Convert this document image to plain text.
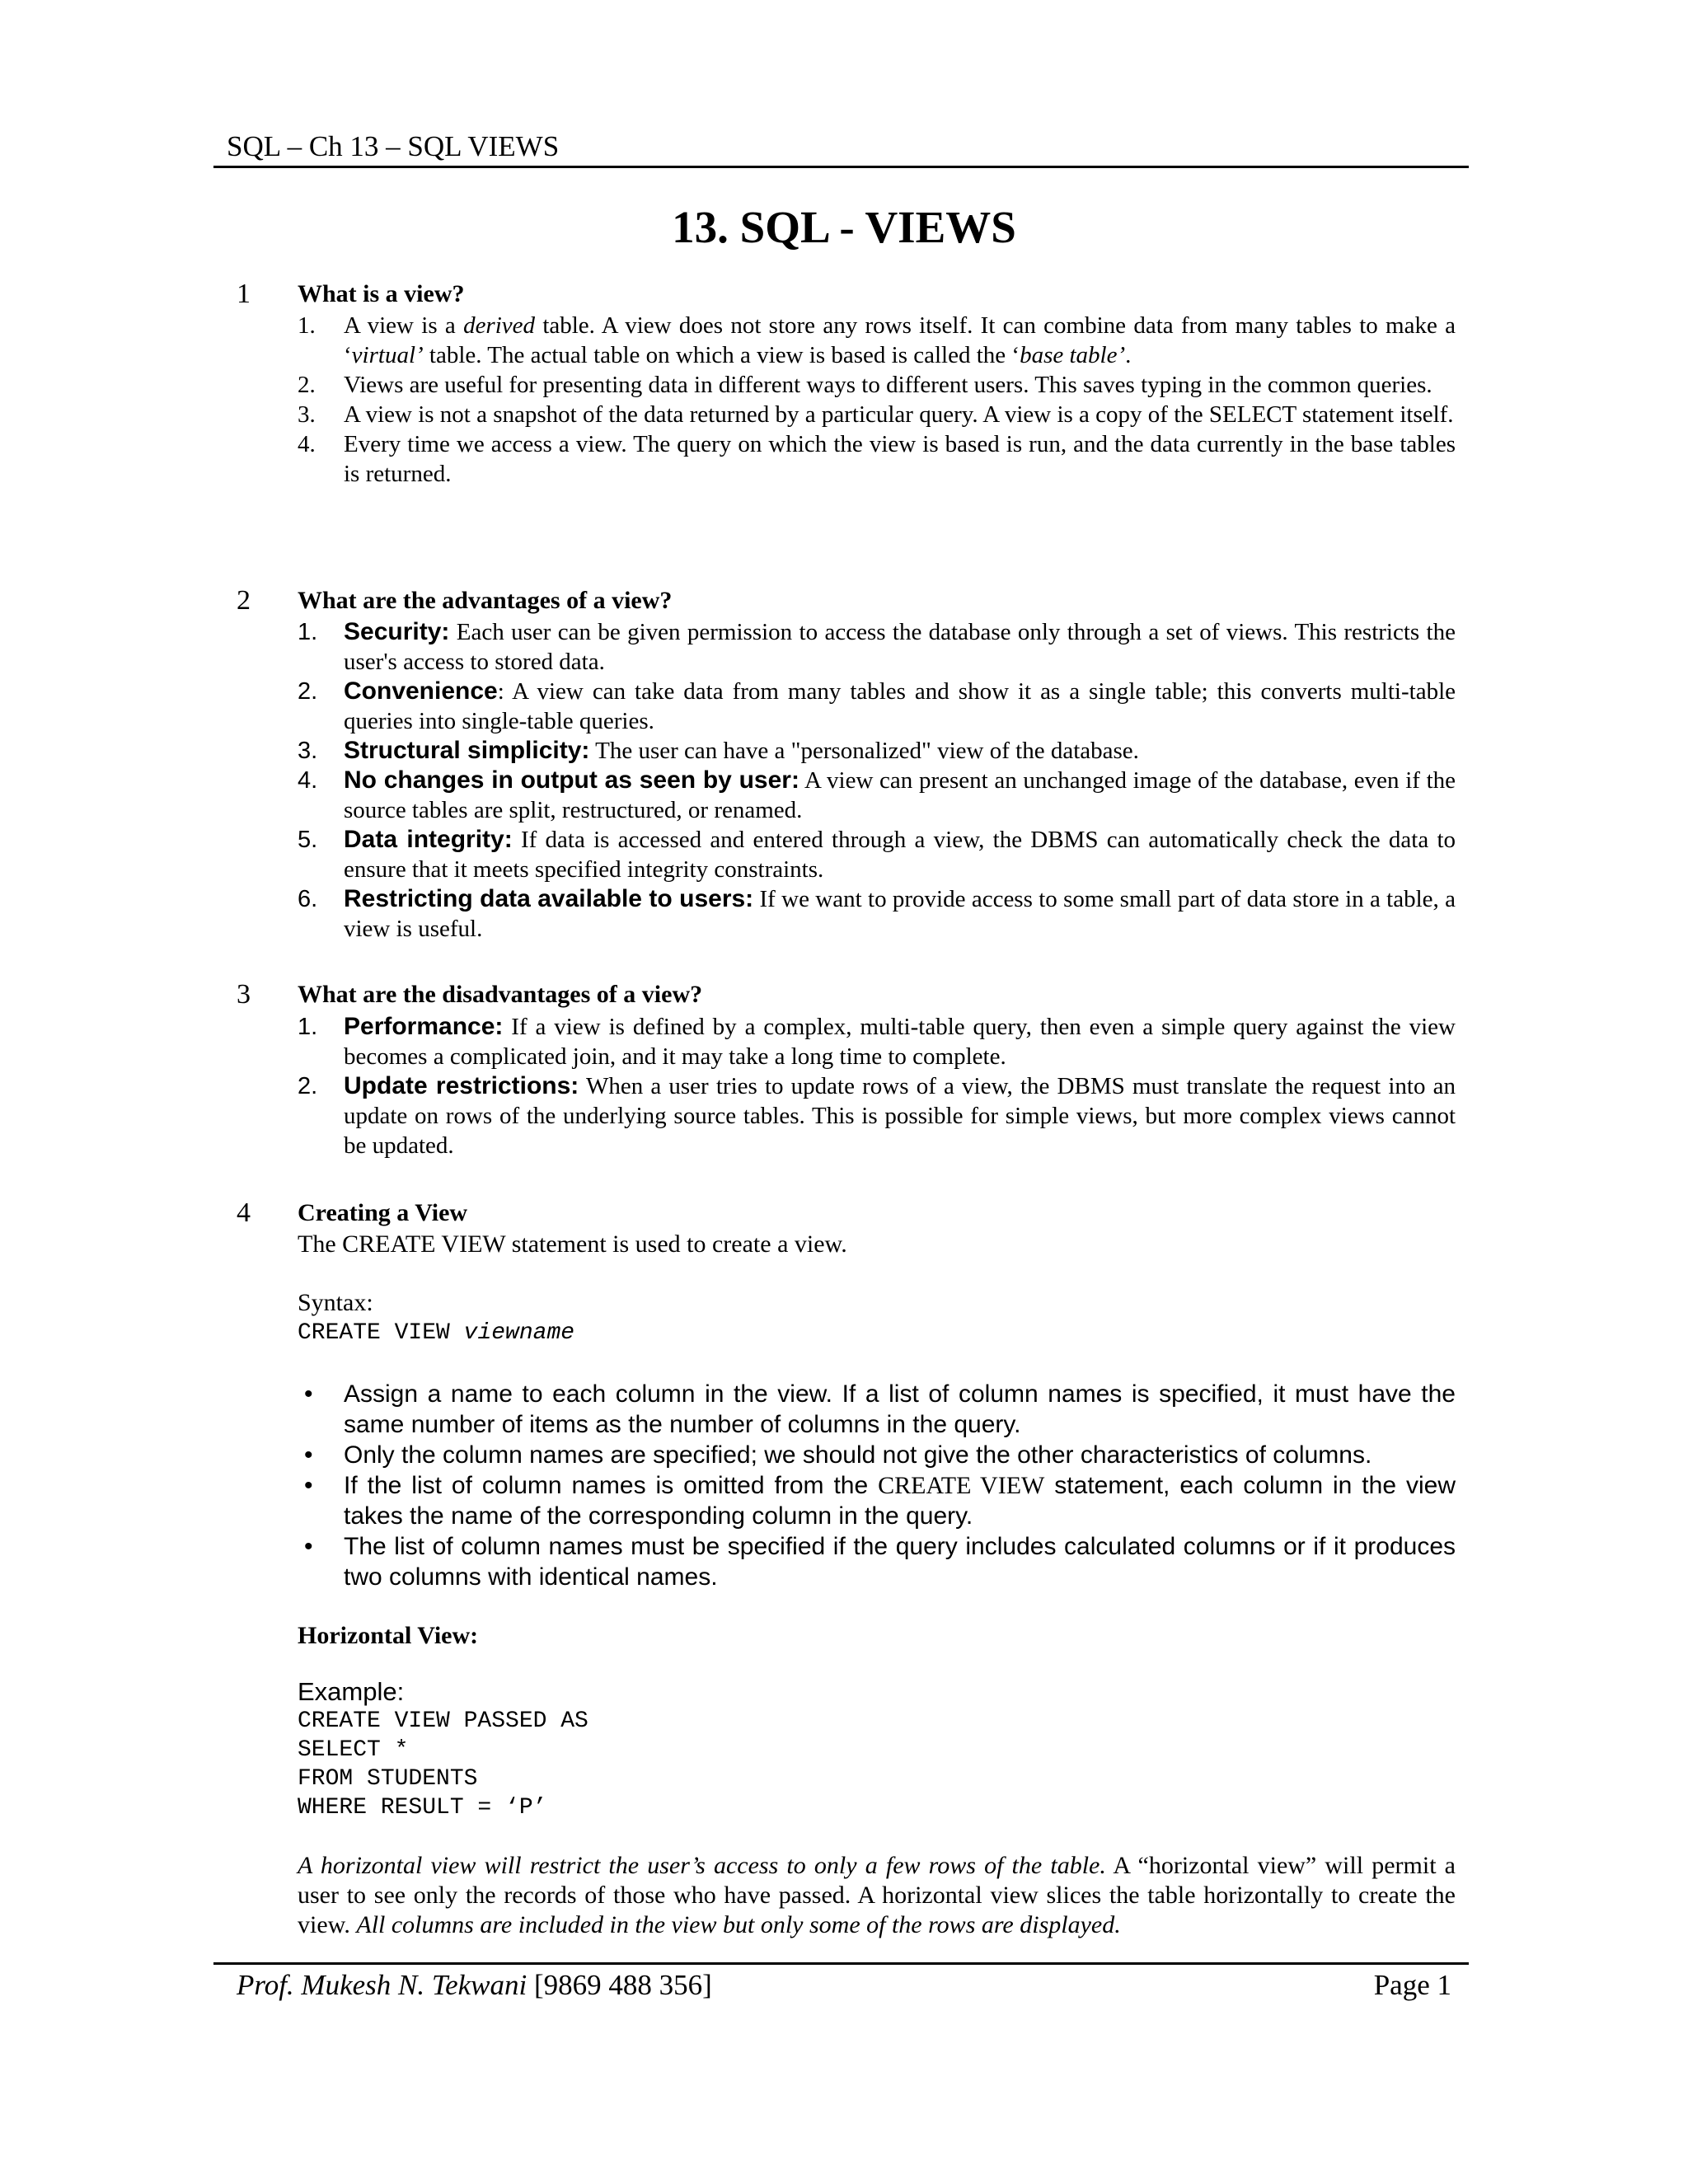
SQL – Ch 13 – SQL VIEWS
13. SQL - VIEWS
1 What is a view?
1. A view is a derived table. A view does not store any rows itself. It can combine data from many tables to make a ‘virtual’ table. The actual table on which a view is based is called the ‘base table’.
2. Views are useful for presenting data in different ways to different users. This saves typing in the common queries.
3. A view is not a snapshot of the data returned by a particular query. A view is a copy of the SELECT statement itself.
4. Every time we access a view. The query on which the view is based is run, and the data currently in the base tables is returned.
2 What are the advantages of a view?
1. Security: Each user can be given permission to access the database only through a set of views. This restricts the user's access to stored data.
2. Convenience: A view can take data from many tables and show it as a single table; this converts multi-table queries into single-table queries.
3. Structural simplicity: The user can have a "personalized" view of the database.
4. No changes in output as seen by user: A view can present an unchanged image of the database, even if the source tables are split, restructured, or renamed.
5. Data integrity: If data is accessed and entered through a view, the DBMS can automatically check the data to ensure that it meets specified integrity constraints.
6. Restricting data available to users: If we want to provide access to some small part of data store in a table, a view is useful.
3 What are the disadvantages of a view?
1. Performance: If a view is defined by a complex, multi-table query, then even a simple query against the view becomes a complicated join, and it may take a long time to complete.
2. Update restrictions: When a user tries to update rows of a view, the DBMS must translate the request into an update on rows of the underlying source tables. This is possible for simple views, but more complex views cannot be updated.
4 Creating a View
The CREATE VIEW statement is used to create a view.
Syntax:
CREATE VIEW viewname
• Assign a name to each column in the view. If a list of column names is specified, it must have the same number of items as the number of columns in the query.
• Only the column names are specified; we should not give the other characteristics of columns.
• If the list of column names is omitted from the CREATE VIEW statement, each column in the view takes the name of the corresponding column in the query.
• The list of column names must be specified if the query includes calculated columns or if it produces two columns with identical names.
Horizontal View:
Example:
CREATE VIEW PASSED AS
SELECT *
FROM STUDENTS
WHERE RESULT = ‘P’
A horizontal view will restrict the user’s access to only a few rows of the table. A “horizontal view” will permit a user to see only the records of those who have passed. A horizontal view slices the table horizontally to create the view. All columns are included in the view but only some of the rows are displayed.
Prof. Mukesh N. Tekwani [9869 488 356]	Page 1
